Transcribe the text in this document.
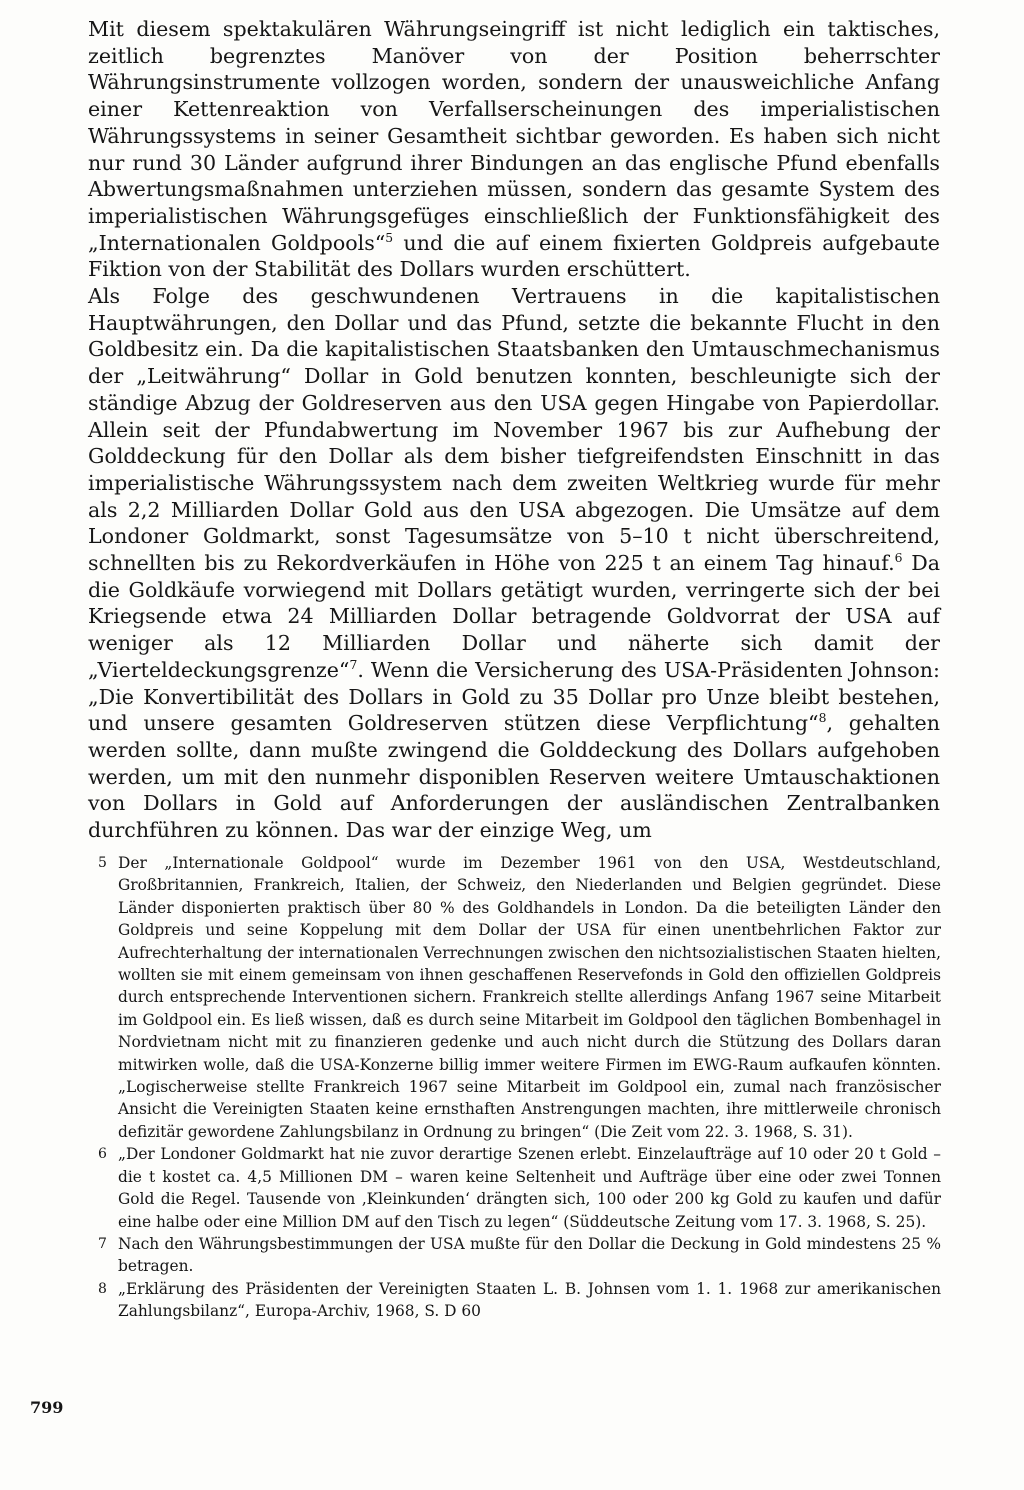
Mit diesem spektakulären Währungseingriff ist nicht lediglich ein taktisches, zeitlich begrenztes Manöver von der Position beherrschter Währungsinstrumente vollzogen worden, sondern der unausweichliche Anfang einer Kettenreaktion von Verfallserscheinungen des imperialistischen Währungssystems in seiner Gesamtheit sichtbar geworden. Es haben sich nicht nur rund 30 Länder aufgrund ihrer Bindungen an das englische Pfund ebenfalls Abwertungsmaßnahmen unterziehen müssen, sondern das gesamte System des imperialistischen Währungsgefüges einschließlich der Funktionsfähigkeit des „Internationalen Goldpools“$^5$ und die auf einem fixierten Goldpreis aufgebaute Fiktion von der Stabilität des Dollars wurden erschüttert.

Als Folge des geschwundenen Vertrauens in die kapitalistischen Hauptwährungen, den Dollar und das Pfund, setzte die bekannte Flucht in den Goldbesitz ein. Da die kapitalistischen Staatsbanken den Umtauschmechanismus der „Leitwährung“ Dollar in Gold benutzen konnten, beschleunigte sich der ständige Abzug der Goldreserven aus den USA gegen Hingabe von Papierdollar. Allein seit der Pfundabwertung im November 1967 bis zur Aufhebung der Golddeckung für den Dollar als dem bisher tiefgreifendsten Einschnitt in das imperialistische Währungssystem nach dem zweiten Weltkrieg wurde für mehr als 2,2 Milliarden Dollar Gold aus den USA abgezogen. Die Umsätze auf dem Londoner Goldmarkt, sonst Tagesumsätze von 5–10 t nicht überschreitend, schnellten bis zu Rekordverkäufen in Höhe von 225 t an einem Tag hinauf.$^6$ Da die Goldkäufe vorwiegend mit Dollars getätigt wurden, verringerte sich der bei Kriegsende etwa 24 Milliarden Dollar betragende Goldvorrat der USA auf weniger als 12 Milliarden Dollar und näherte sich damit der „Vierteldeckungsgrenze“$^7$. Wenn die Versicherung des USA-Präsidenten Johnson: „Die Konvertibilität des Dollars in Gold zu 35 Dollar pro Unze bleibt bestehen, und unsere gesamten Goldreserven stützen diese Verpflichtung“$^8$, gehalten werden sollte, dann mußte zwingend die Golddeckung des Dollars aufgehoben werden, um mit den nunmehr disponiblen Reserven weitere Umtauschaktionen von Dollars in Gold auf Anforderungen der ausländischen Zentralbanken durchführen zu können. Das war der einzige Weg, um

5 Der „Internationale Goldpool“ wurde im Dezember 1961 von den USA, Westdeutschland, Großbritannien, Frankreich, Italien, der Schweiz, den Niederlanden und Belgien gegründet. Diese Länder disponierten praktisch über 80 % des Goldhandels in London. Da die beteiligten Länder den Goldpreis und seine Koppelung mit dem Dollar der USA für einen unentbehrlichen Faktor zur Aufrechterhaltung der internationalen Verrechnungen zwischen den nichtsozialistischen Staaten hielten, wollten sie mit einem gemeinsam von ihnen geschaffenen Reservefonds in Gold den offiziellen Goldpreis durch entsprechende Interventionen sichern. Frankreich stellte allerdings Anfang 1967 seine Mitarbeit im Goldpool ein. Es ließ wissen, daß es durch seine Mitarbeit im Goldpool den täglichen Bombenhagel in Nordvietnam nicht mit zu finanzieren gedenke und auch nicht durch die Stützung des Dollars daran mitwirken wolle, daß die USA-Konzerne billig immer weitere Firmen im EWG-Raum aufkaufen könnten. „Logischerweise stellte Frankreich 1967 seine Mitarbeit im Goldpool ein, zumal nach französischer Ansicht die Vereinigten Staaten keine ernsthaften Anstrengungen machten, ihre mittlerweile chronisch defizitär gewordene Zahlungsbilanz in Ordnung zu bringen“ (Die Zeit vom 22. 3. 1968, S. 31).
6 „Der Londoner Goldmarkt hat nie zuvor derartige Szenen erlebt. Einzelaufträge auf 10 oder 20 t Gold – die t kostet ca. 4,5 Millionen DM – waren keine Seltenheit und Aufträge über eine oder zwei Tonnen Gold die Regel. Tausende von ‚Kleinkunden‘ drängten sich, 100 oder 200 kg Gold zu kaufen und dafür eine halbe oder eine Million DM auf den Tisch zu legen“ (Süddeutsche Zeitung vom 17. 3. 1968, S. 25).
7 Nach den Währungsbestimmungen der USA mußte für den Dollar die Deckung in Gold mindestens 25 % betragen.
8 „Erklärung des Präsidenten der Vereinigten Staaten L. B. Johnsen vom 1. 1. 1968 zur amerikanischen Zahlungsbilanz“, Europa-Archiv, 1968, S. D 60
799
